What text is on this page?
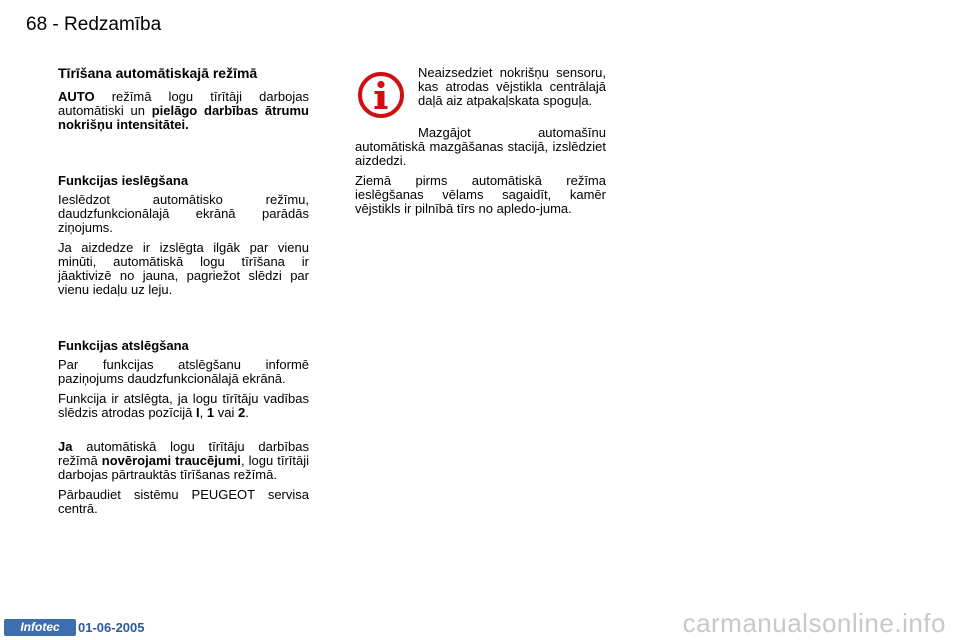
68 - Redzamība
Tīrīšana automātiskajā režīmā

AUTO režīmā logu tīrītāji darbojas automātiski un pielāgo darbības ātrumu nokrišņu intensitātei.

Funkcijas ieslēgšana

Ieslēdzot automātisko režīmu, daudzfunkcionālajā ekrānā parādās ziņojums.

Ja aizdedze ir izslēgta ilgāk par vienu minūti, automātiskā logu tīrīšana ir jāaktivizē no jauna, pagriežot slēdzi par vienu iedaļu uz leju.

Funkcijas atslēgšana

Par funkcijas atslēgšanu informē paziņojums daudzfunkcionālajā ekrānā.

Funkcija ir atslēgta, ja logu tīrītāju vadības slēdzis atrodas pozīcijā I, 1 vai 2.

Ja automātiskā logu tīrītāju darbības režīmā novērojami traucējumi, logu tīrītāji darbojas pārtrauktās tīrīšanas režīmā.

Pārbaudiet sistēmu PEUGEOT servisa centrā.

Neaizsedziet nokrišņu sensoru, kas atrodas vējstikla centrālajā daļā aiz atpakaļskata spoguļa.

Mazgājot automašīnu automātiskā mazgāšanas stacijā, izslēdziet aizdedzi.

Ziemā pirms automātiskā režīma ieslēgšanas vēlams sagaidīt, kamēr vējstikls ir pilnībā tīrs no apledo-juma.

Infotec	01-06-2005	carmanualsonline.info
